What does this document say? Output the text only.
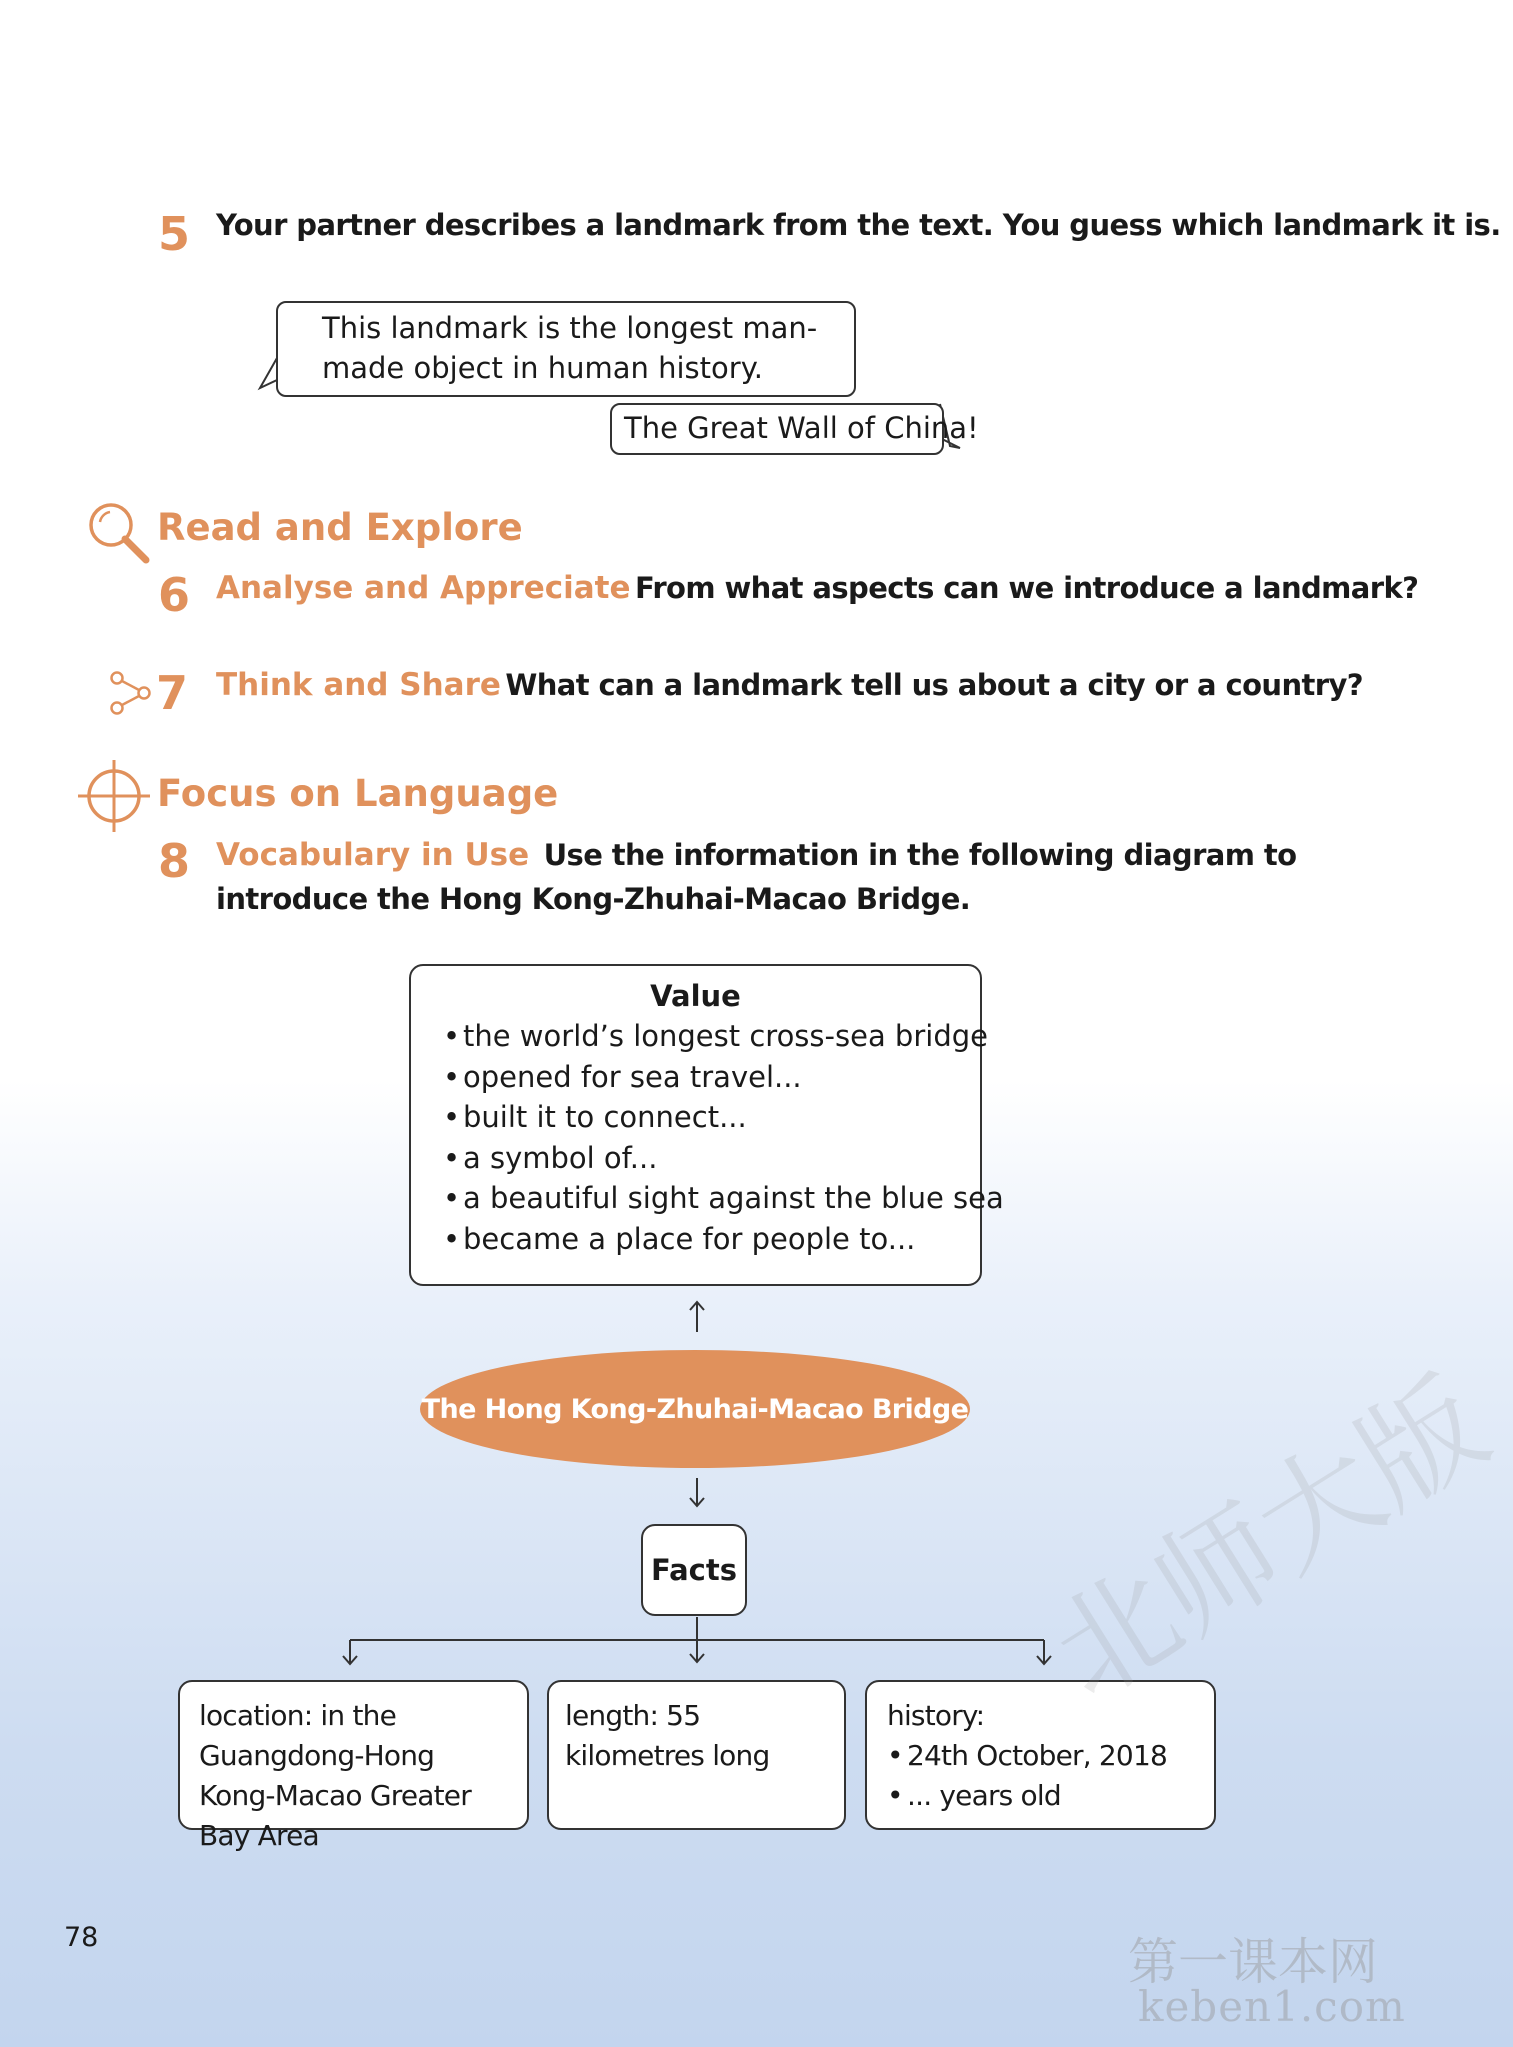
5 Your partner describes a landmark from the text. You guess which landmark it is.
This landmark is the longest man-made object in human history.
The Great Wall of China!
Read and Explore
6 Analyse and Appreciate From what aspects can we introduce a landmark?
7 Think and Share What can a landmark tell us about a city or a country?
Focus on Language
8 Vocabulary in Use Use the information in the following diagram to
introduce the Hong Kong-Zhuhai-Macao Bridge.
Value
• the world’s longest cross-sea bridge
• opened for sea travel...
• built it to connect...
• a symbol of...
• a beautiful sight against the blue sea
• became a place for people to...
The Hong Kong-Zhuhai-Macao Bridge
Facts
location: in the Guangdong-Hong Kong-Macao Greater Bay Area
length: 55 kilometres long
history:
• 24th October, 2018
• ... years old
78
北师大版
第一课本网
keben1.com
